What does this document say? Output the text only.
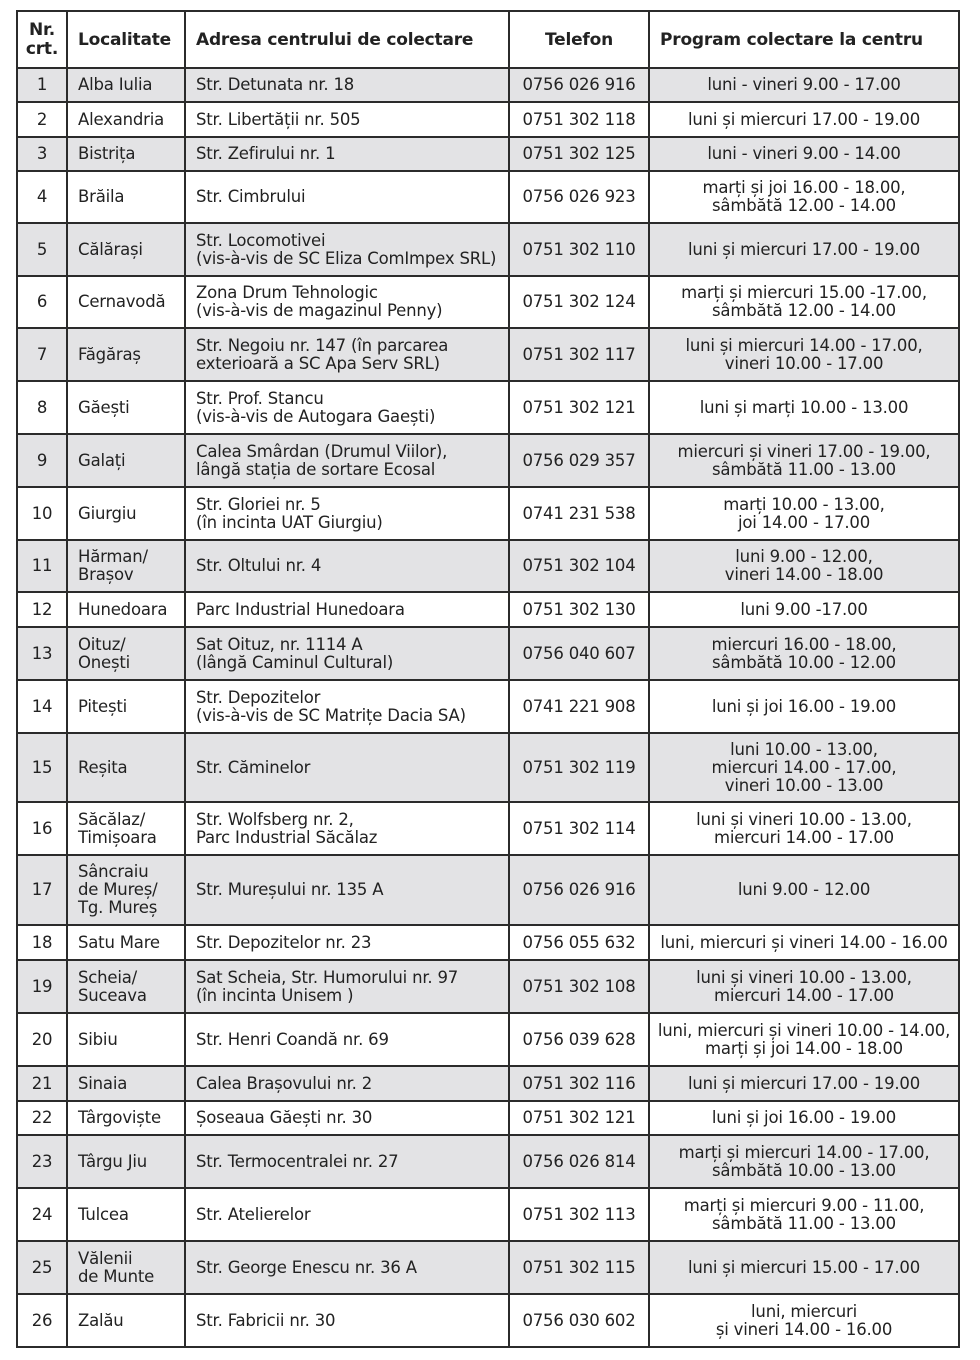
Nr.
crt.	Localitate	Adresa centrului de colectare	Telefon	Program colectare la centru

1	Alba Iulia	Str. Detunata nr. 18	0756 026 916	luni - vineri 9.00 - 17.00

2	Alexandria	Str. Libertății nr. 505	0751 302 118	luni și miercuri 17.00 - 19.00

3	Bistrița	Str. Zefirului nr. 1	0751 302 125	luni - vineri 9.00 - 14.00

4	Brăila	Str. Cimbrului	0756 026 923	marți și joi 16.00 - 18.00,
sâmbătă 12.00 - 14.00

5	Călărași	Str. Locomotivei
(vis-à-vis de SC Eliza ComImpex SRL)	0751 302 110	luni și miercuri 17.00 - 19.00

6	Cernavodă	Zona Drum Tehnologic
(vis-à-vis de magazinul Penny)	0751 302 124	marți și miercuri 15.00 -17.00,
sâmbătă 12.00 - 14.00

7	Făgăraș	Str. Negoiu nr. 147 (în parcarea
exterioară a SC Apa Serv SRL)	0751 302 117	luni și miercuri 14.00 - 17.00,
vineri 10.00 - 17.00

8	Găești	Str. Prof. Stancu
(vis-à-vis de Autogara Gaești)	0751 302 121	luni și marți 10.00 - 13.00

9	Galați	Calea Smârdan (Drumul Viilor),
lângă stația de sortare Ecosal	0756 029 357	miercuri și vineri 17.00 - 19.00,
sâmbătă 11.00 - 13.00

10	Giurgiu	Str. Gloriei nr. 5
(în incinta UAT Giurgiu)	0741 231 538	marți 10.00 - 13.00,
joi 14.00 - 17.00

11	Hărman/
Brașov	Str. Oltului nr. 4	0751 302 104	luni 9.00 - 12.00,
vineri 14.00 - 18.00

12	Hunedoara	Parc Industrial Hunedoara	0751 302 130	luni 9.00 -17.00

13	Oituz/
Onești	Sat Oituz, nr. 1114 A
(lângă Caminul Cultural)	0756 040 607	miercuri 16.00 - 18.00,
sâmbătă 10.00 - 12.00

14	Pitești	Str. Depozitelor
(vis-à-vis de SC Matrițe Dacia SA)	0741 221 908	luni și joi 16.00 - 19.00

15	Reșita	Str. Căminelor	0751 302 119	luni 10.00 - 13.00,
miercuri 14.00 - 17.00,
vineri 10.00 - 13.00

16	Săcălaz/
Timișoara	Str. Wolfsberg nr. 2,
Parc Industrial Săcălaz	0751 302 114	luni și vineri 10.00 - 13.00,
miercuri 14.00 - 17.00

17	Sâncraiu
de Mureș/
Tg. Mureș	Str. Mureșului nr. 135 A	0756 026 916	luni 9.00 - 12.00

18	Satu Mare	Str. Depozitelor nr. 23	0756 055 632	luni, miercuri și vineri 14.00 - 16.00

19	Scheia/
Suceava	Sat Scheia, Str. Humorului nr. 97
(în incinta Unisem )	0751 302 108	luni și vineri 10.00 - 13.00,
miercuri 14.00 - 17.00

20	Sibiu	Str. Henri Coandă nr. 69	0756 039 628	luni, miercuri și vineri 10.00 - 14.00,
marți și joi 14.00 - 18.00

21	Sinaia	Calea Brașovului nr. 2	0751 302 116	luni și miercuri 17.00 - 19.00

22	Târgoviște	Șoseaua Găești nr. 30	0751 302 121	luni și joi 16.00 - 19.00

23	Târgu Jiu	Str. Termocentralei nr. 27	0756 026 814	marți și miercuri 14.00 - 17.00,
sâmbătă 10.00 - 13.00

24	Tulcea	Str. Atelierelor	0751 302 113	marți și miercuri 9.00 - 11.00,
sâmbătă 11.00 - 13.00

25	Vălenii
de Munte	Str. George Enescu nr. 36 A	0751 302 115	luni și miercuri 15.00 - 17.00

26	Zalău	Str. Fabricii nr. 30	0756 030 602	luni, miercuri
și vineri 14.00 - 16.00
